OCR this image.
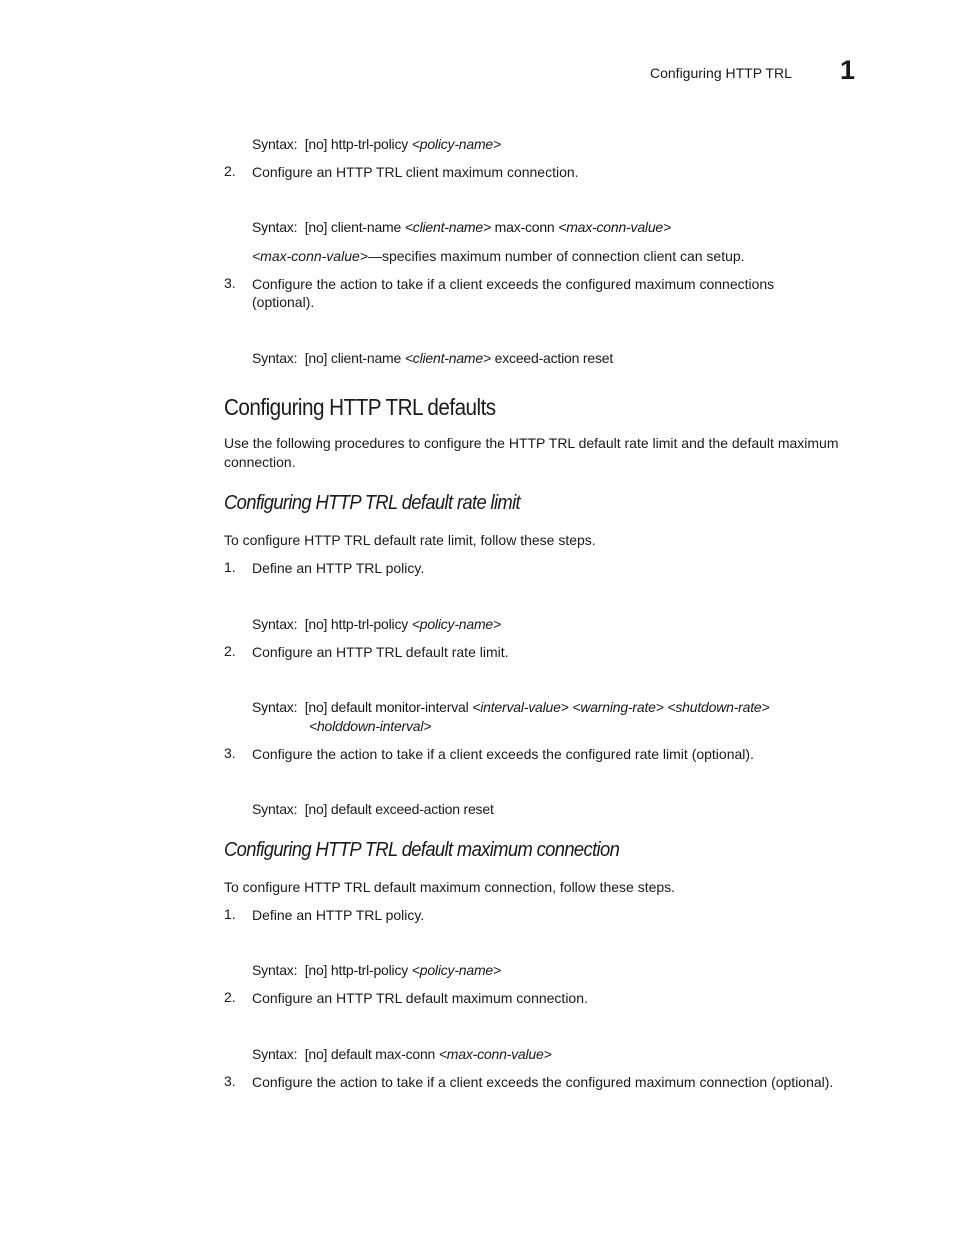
Configuring HTTP TRL 1
Syntax: [no] http-trl-policy <policy-name>
2. Configure an HTTP TRL client maximum connection.
Syntax: [no] client-name <client-name> max-conn <max-conn-value>
<max-conn-value>—specifies maximum number of connection client can setup.
3. Configure the action to take if a client exceeds the configured maximum connections
(optional).
Syntax: [no] client-name <client-name> exceed-action reset
Configuring HTTP TRL defaults
Use the following procedures to configure the HTTP TRL default rate limit and the default maximum
connection.
Configuring HTTP TRL default rate limit
To configure HTTP TRL default rate limit, follow these steps.
1. Define an HTTP TRL policy.
Syntax: [no] http-trl-policy <policy-name>
2. Configure an HTTP TRL default rate limit.
Syntax: [no] default monitor-interval <interval-value> <warning-rate> <shutdown-rate>
<holddown-interval>
3. Configure the action to take if a client exceeds the configured rate limit (optional).
Syntax: [no] default exceed-action reset
Configuring HTTP TRL default maximum connection
To configure HTTP TRL default maximum connection, follow these steps.
1. Define an HTTP TRL policy.
Syntax: [no] http-trl-policy <policy-name>
2. Configure an HTTP TRL default maximum connection.
Syntax: [no] default max-conn <max-conn-value>
3. Configure the action to take if a client exceeds the configured maximum connection (optional).
